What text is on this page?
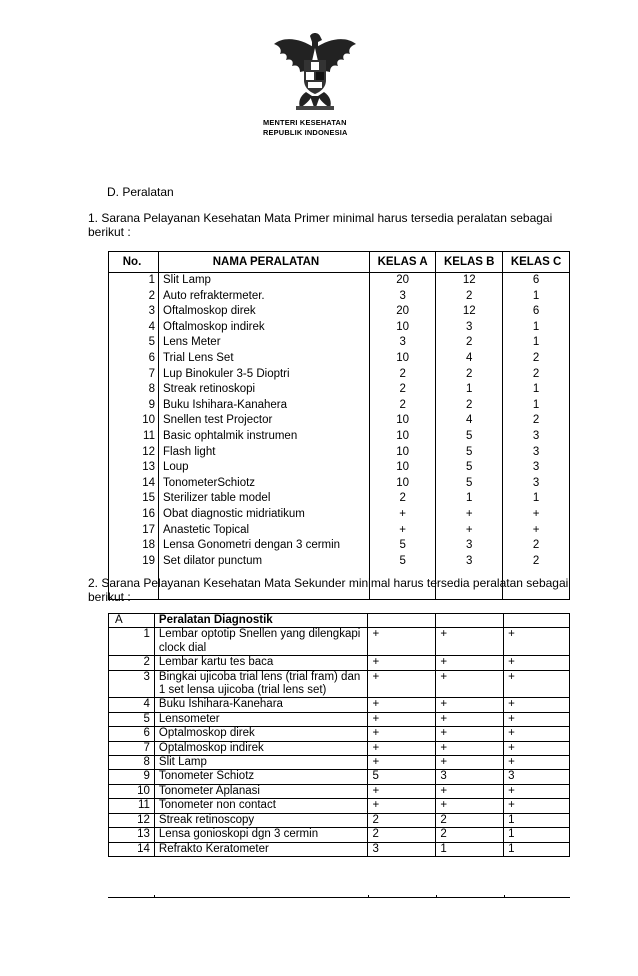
MENTERI KESEHATAN
REPUBLIK INDONESIA
D. Peralatan
1. Sarana Pelayanan Kesehatan Mata Primer minimal harus tersedia peralatan sebagai berikut :
No.	NAMA PERALATAN	KELAS A	KELAS B	KELAS C
1	Slit Lamp	20	12	6
2	Auto refraktermeter.	3	2	1
3	Oftalmoskop direk	20	12	6
4	Oftalmoskop indirek	10	3	1
5	Lens Meter	3	2	1
6	Trial Lens Set	10	4	2
7	Lup Binokuler 3-5 Dioptri	2	2	2
8	Streak retinoskopi	2	1	1
9	Buku Ishihara-Kanahera	2	2	1
10	Snellen test Projector	10	4	2
11	Basic ophtalmik instrumen	10	5	3
12	Flash light	10	5	3
13	Loup	10	5	3
14	TonometerSchiotz	10	5	3
15	Sterilizer table model	2	1	1
16	Obat diagnostic midriatikum	+	+	+
17	Anastetic Topical	+	+	+
18	Lensa Gonometri dengan 3 cermin	5	3	2
19	Set dilator punctum	5	3	2

2. Sarana Pelayanan Kesehatan Mata Sekunder minimal harus tersedia peralatan sebagai berikut :
A	Peralatan Diagnostik			
1	Lembar optotip Snellen yang dilengkapi clock dial	+	+	+
2	Lembar kartu tes baca	+	+	+
3	Bingkai ujicoba trial lens (trial fram) dan 1 set lensa ujicoba (trial lens set)	+	+	+
4	Buku Ishihara-Kanehara	+	+	+
5	Lensometer	+	+	+
6	Optalmoskop direk	+	+	+
7	Optalmoskop indirek	+	+	+
8	Slit Lamp	+	+	+
9	Tonometer Schiotz	5	3	3
10	Tonometer Aplanasi	+	+	+
11	Tonometer non contact	+	+	+
12	Streak retinoscopy	2	2	1
13	Lensa gonioskopi dgn 3 cermin	2	2	1
14	Refrakto Keratometer	3	1	1
